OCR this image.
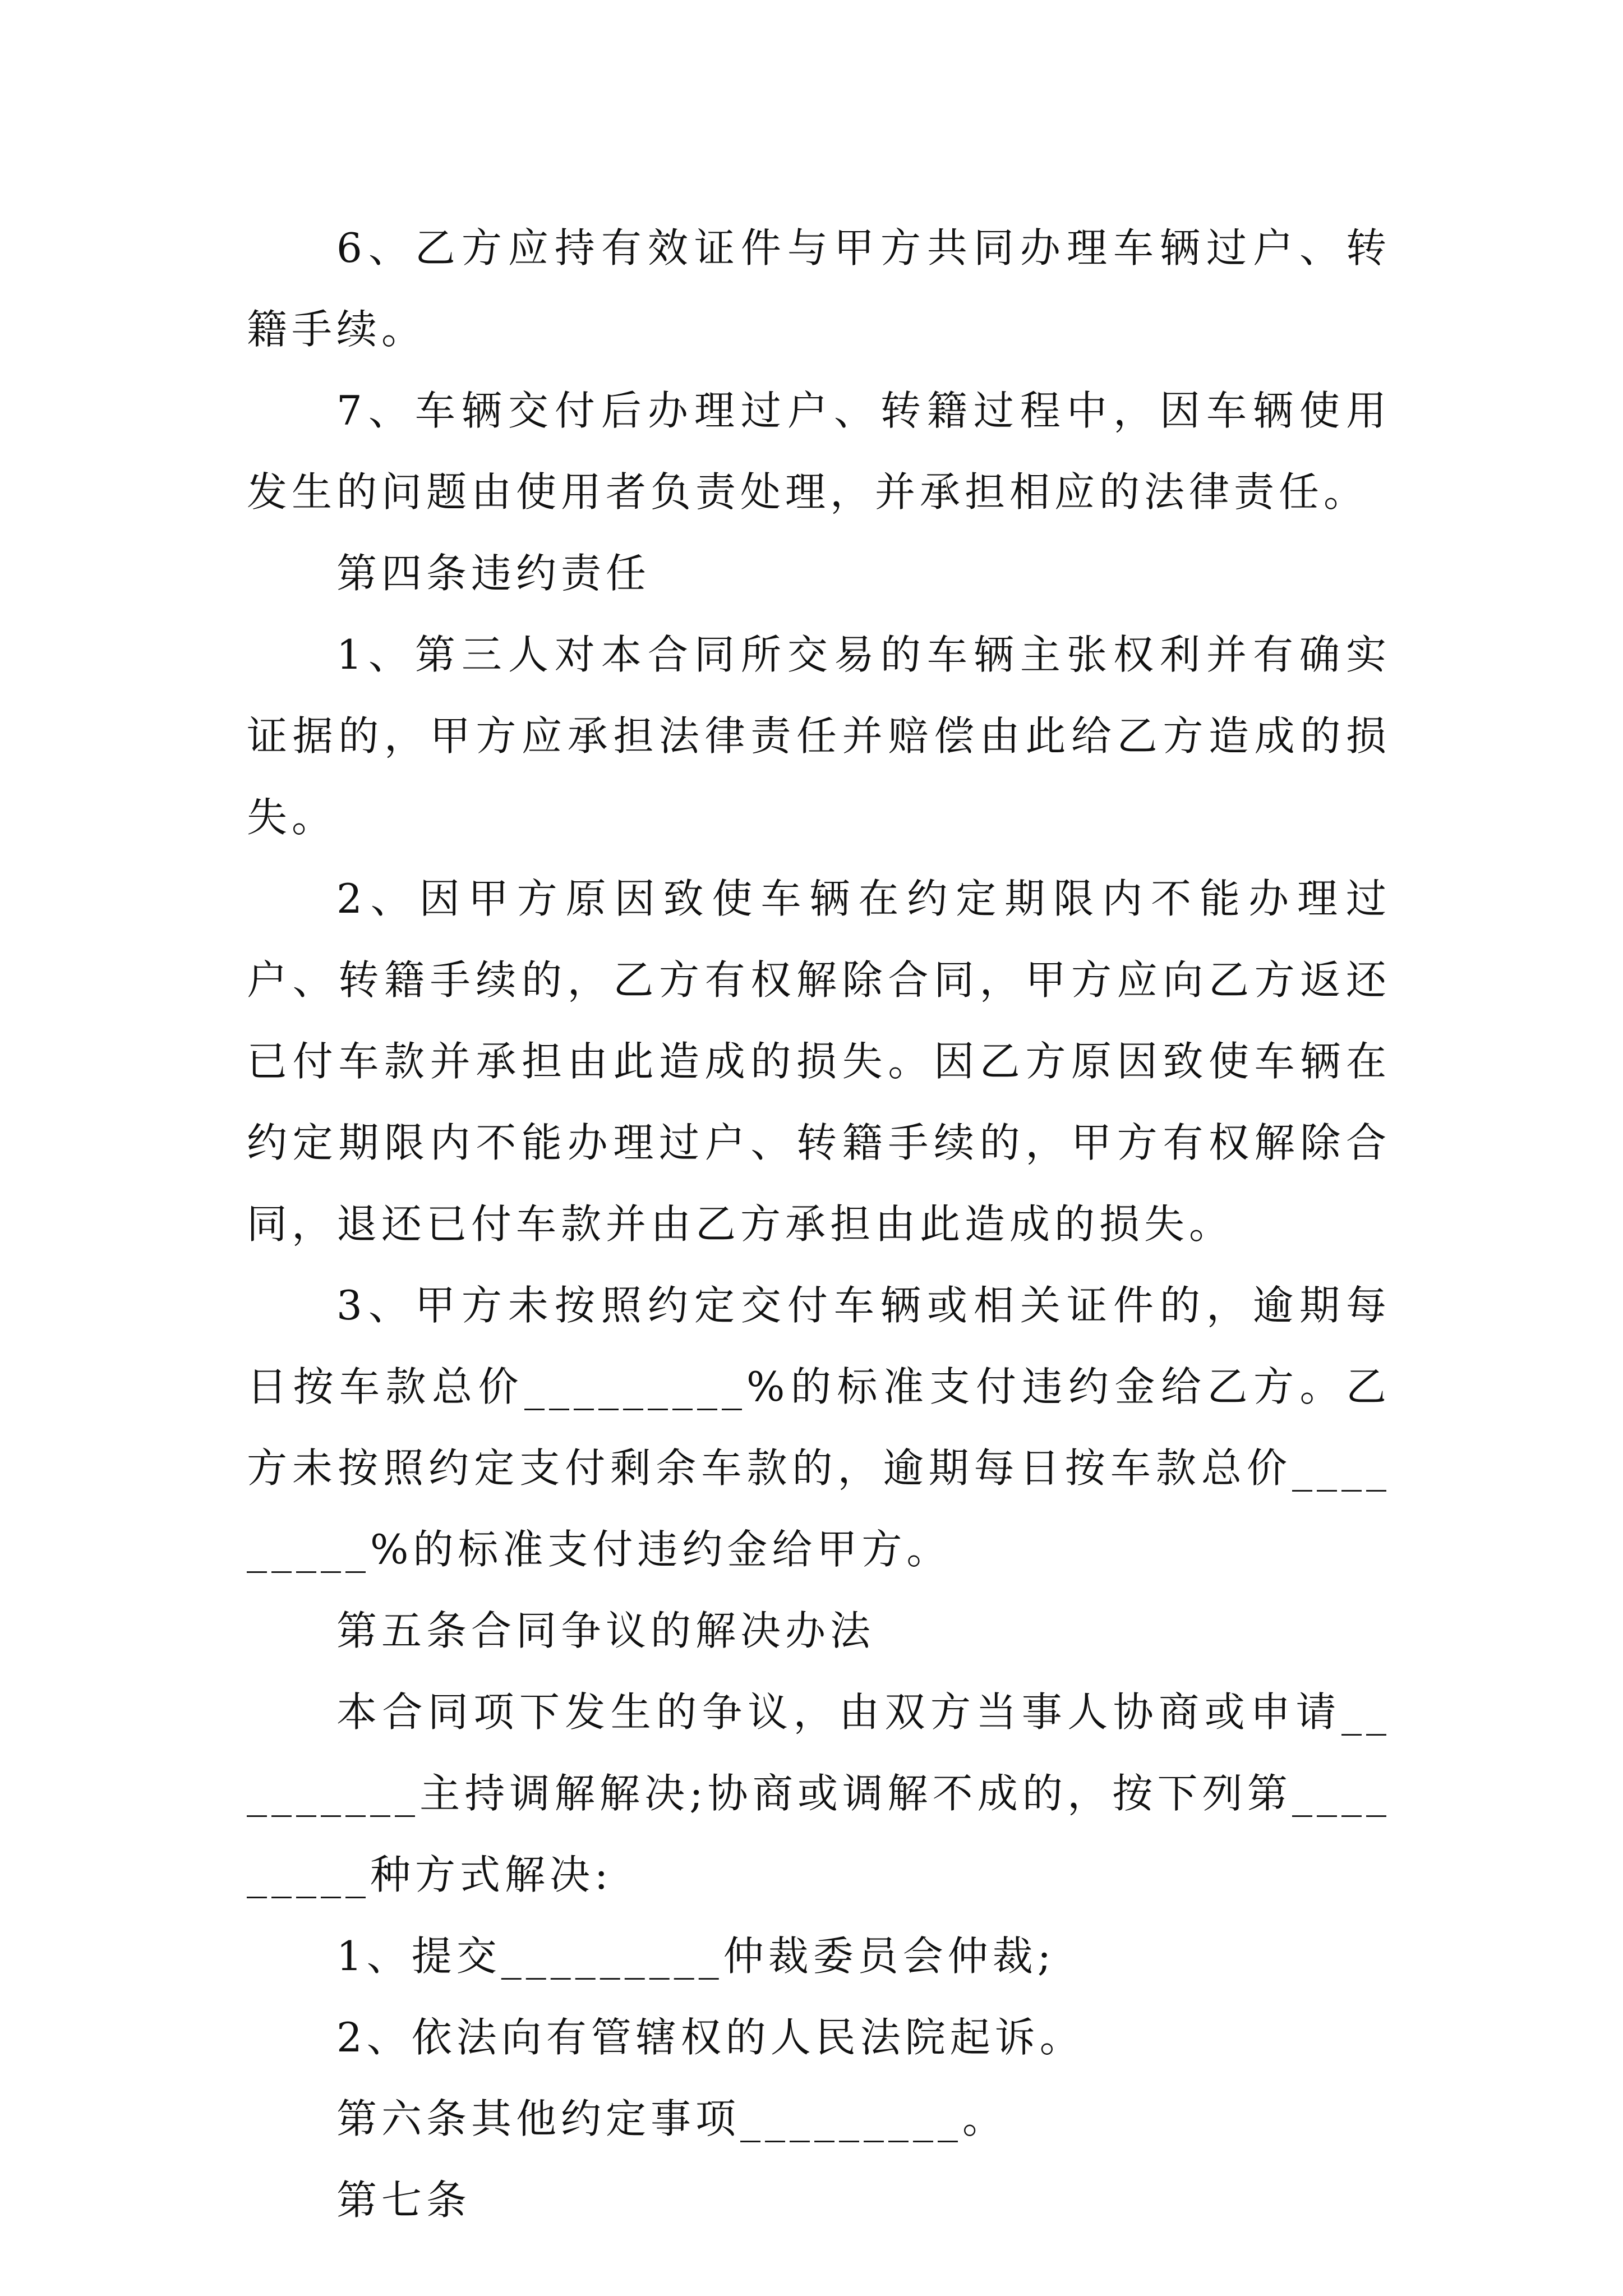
6、乙方应持有效证件与甲方共同办理车辆过户、转籍手续。

7、车辆交付后办理过户、转籍过程中，因车辆使用发生的问题由使用者负责处理，并承担相应的法律责任。

第四条违约责任

1、第三人对本合同所交易的车辆主张权利并有确实证据的，甲方应承担法律责任并赔偿由此给乙方造成的损失。

2、因甲方原因致使车辆在约定期限内不能办理过户、转籍手续的，乙方有权解除合同，甲方应向乙方返还已付车款并承担由此造成的损失。因乙方原因致使车辆在约定期限内不能办理过户、转籍手续的，甲方有权解除合同，退还已付车款并由乙方承担由此造成的损失。

3、甲方未按照约定交付车辆或相关证件的，逾期每日按车款总价_________%的标准支付违约金给乙方。乙方未按照约定支付剩余车款的，逾期每日按车款总价_________%的标准支付违约金给甲方。

第五条合同争议的解决办法

本合同项下发生的争议，由双方当事人协商或申请_________主持调解解决;协商或调解不成的，按下列第_________种方式解决:

1、提交_________仲裁委员会仲裁;

2、依法向有管辖权的人民法院起诉。

第六条其他约定事项_________。

第七条
